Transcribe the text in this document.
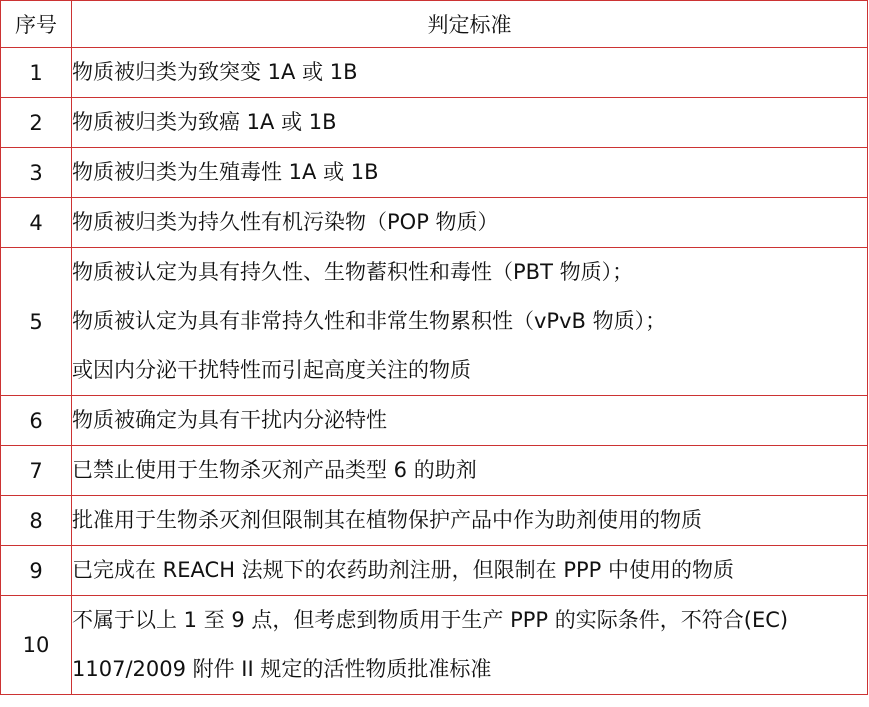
序号	判定标准
1	物质被归类为致突变 1A 或 1B

2	物质被归类为致癌 1A 或 1B

3	物质被归类为生殖毒性 1A 或 1B

4	物质被归类为持久性有机污染物（POP 物质）

5	物质被认定为具有持久性、生物蓄积性和毒性（PBT 物质）；
物质被认定为具有非常持久性和非常生物累积性（vPvB 物质）；
或因内分泌干扰特性而引起高度关注的物质

6	物质被确定为具有干扰内分泌特性

7	已禁止使用于生物杀灭剂产品类型 6 的助剂

8	批准用于生物杀灭剂但限制其在植物保护产品中作为助剂使用的物质

9	已完成在 REACH 法规下的农药助剂注册，但限制在 PPP 中使用的物质

10	不属于以上 1 至 9 点，但考虑到物质用于生产 PPP 的实际条件，不符合(EC)
1107/2009 附件 II 规定的活性物质批准标准
